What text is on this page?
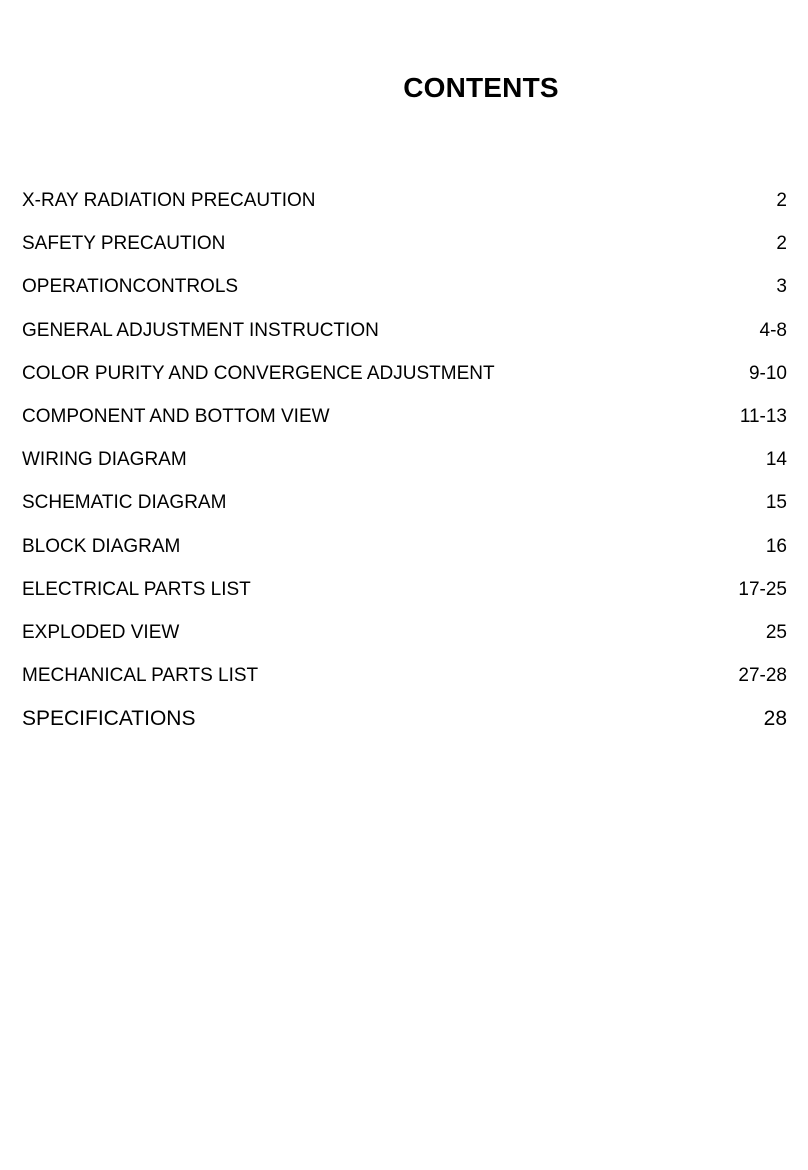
CONTENTS
X-RAY RADIATION PRECAUTION	2
SAFETY PRECAUTION	2
OPERATIONCONTROLS	3
GENERAL ADJUSTMENT INSTRUCTION	4-8
COLOR PURITY AND CONVERGENCE ADJUSTMENT	9-10
COMPONENT AND BOTTOM VIEW	11-13
WIRING DIAGRAM	14
SCHEMATIC DIAGRAM	15
BLOCK DIAGRAM	16
ELECTRICAL PARTS LIST	17-25
EXPLODED VIEW	25
MECHANICAL PARTS LIST	27-28
SPECIFICATIONS	28
